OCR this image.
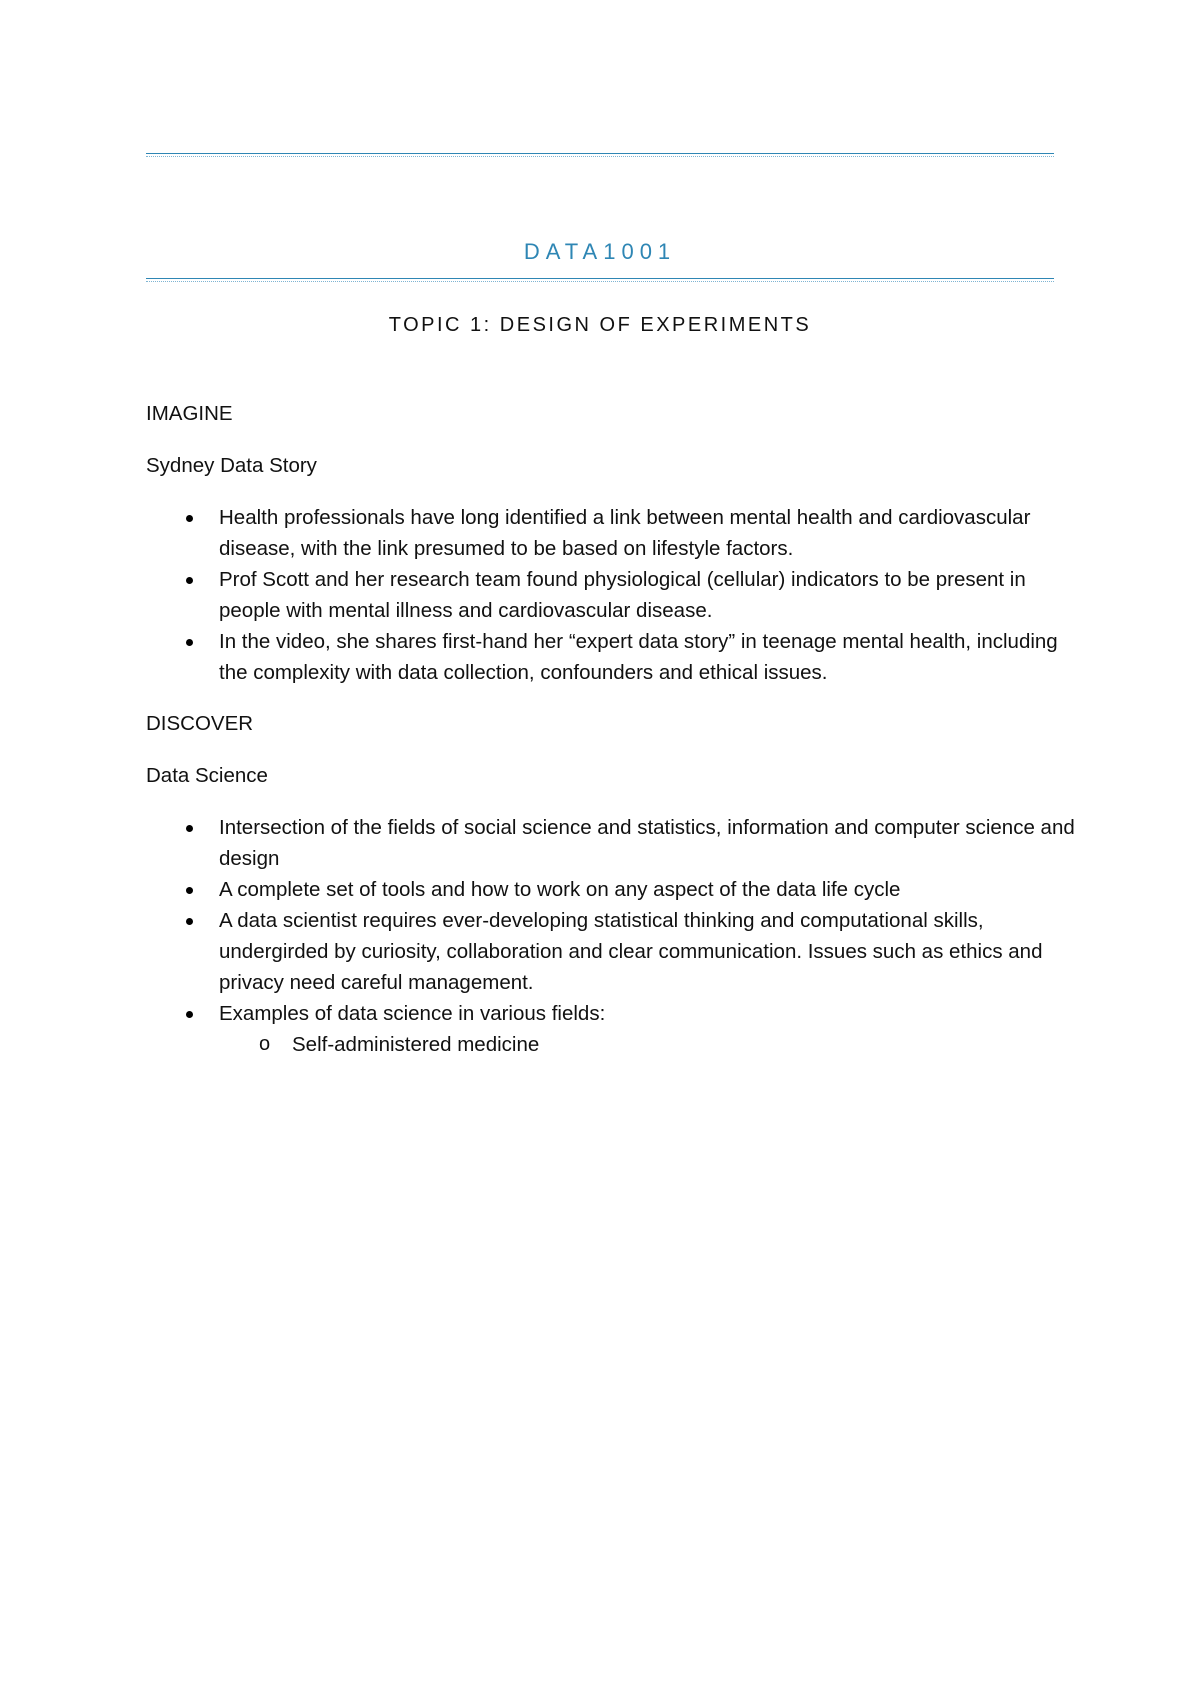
DATA1001
TOPIC 1: DESIGN OF EXPERIMENTS
IMAGINE
Sydney Data Story
Health professionals have long identified a link between mental health and cardiovascular disease, with the link presumed to be based on lifestyle factors.
Prof Scott and her research team found physiological (cellular) indicators to be present in people with mental illness and cardiovascular disease.
In the video, she shares first-hand her “expert data story” in teenage mental health, including the complexity with data collection, confounders and ethical issues.
DISCOVER
Data Science
Intersection of the fields of social science and statistics, information and computer science and design
A complete set of tools and how to work on any aspect of the data life cycle
A data scientist requires ever-developing statistical thinking and computational skills, undergirded by curiosity, collaboration and clear communication. Issues such as ethics and privacy need careful management.
Examples of data science in various fields:
o Self-administered medicine
